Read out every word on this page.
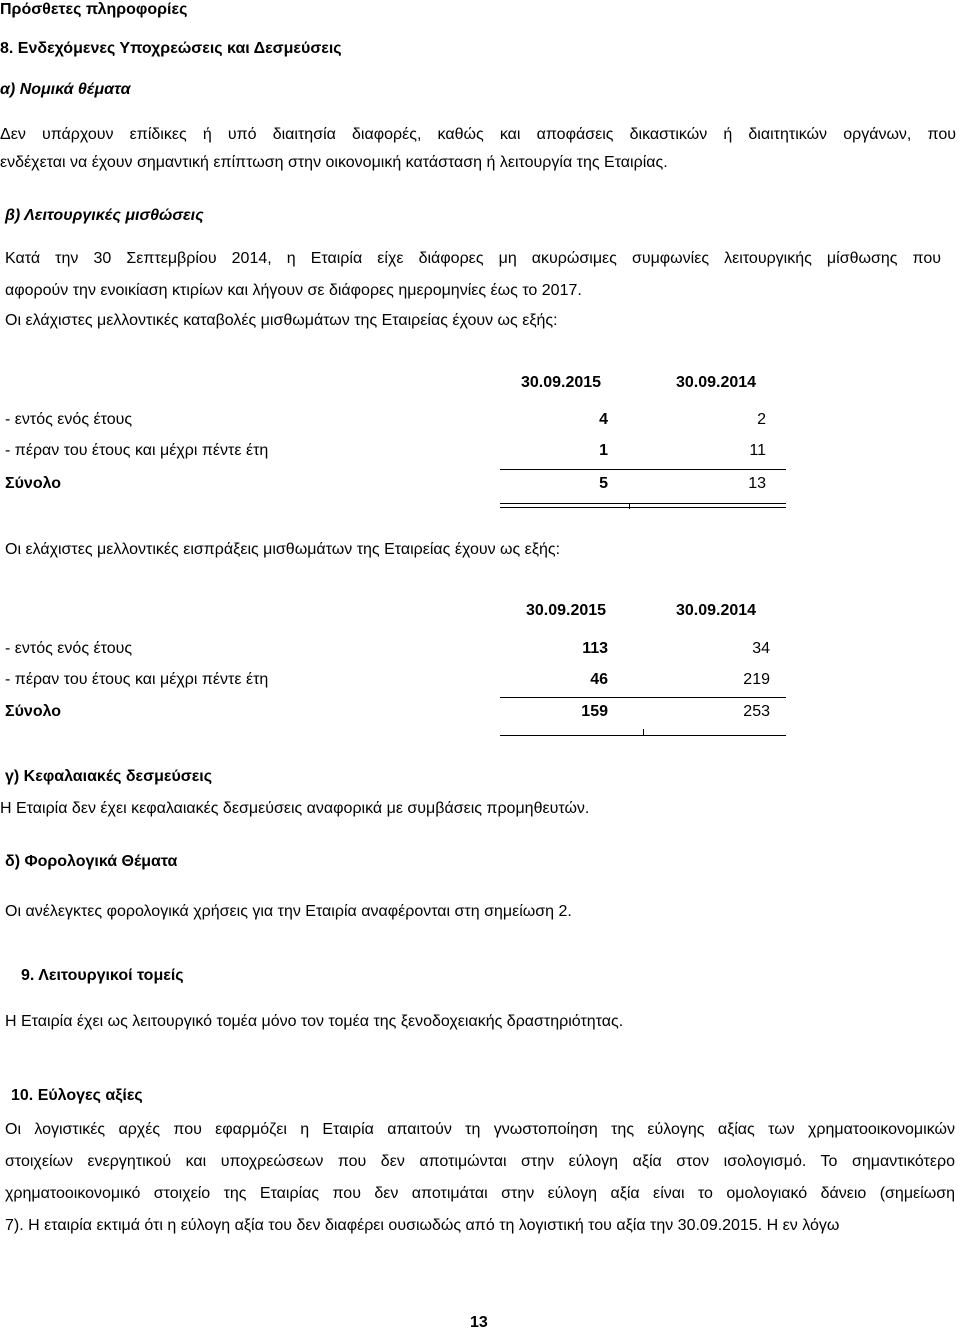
Πρόσθετες πληροφορίες
8. Ενδεχόμενες Υποχρεώσεις και Δεσμεύσεις
α) Νομικά θέματα
Δεν υπάρχουν επίδικες ή υπό διαιτησία διαφορές, καθώς και αποφάσεις δικαστικών ή διαιτητικών οργάνων, που
ενδέχεται να έχουν σημαντική επίπτωση στην οικονομική κατάσταση ή λειτουργία της Εταιρίας.
β) Λειτουργικές μισθώσεις
Κατά την 30 Σεπτεμβρίου 2014, η Εταιρία είχε διάφορες μη ακυρώσιμες συμφωνίες λειτουργικής μίσθωσης που
αφορούν την ενοικίαση κτιρίων και λήγουν σε διάφορες ημερομηνίες έως το 2017.
Οι ελάχιστες μελλοντικές καταβολές μισθωμάτων της Εταιρείας έχουν ως εξής:
30.09.2015	30.09.2014
- εντός ενός έτους	4	2
- πέραν του έτους και μέχρι πέντε έτη	1	11
Σύνολο	5	13
Οι ελάχιστες μελλοντικές εισπράξεις μισθωμάτων της Εταιρείας έχουν ως εξής:
30.09.2015	30.09.2014
- εντός ενός έτους	113	34
- πέραν του έτους και μέχρι πέντε έτη	46	219
Σύνολο	159	253
γ) Κεφαλαιακές δεσμεύσεις
Η Εταιρία δεν έχει κεφαλαιακές δεσμεύσεις αναφορικά με συμβάσεις προμηθευτών.
δ) Φορολογικά Θέματα
Οι ανέλεγκτες φορολογικά χρήσεις για την Εταιρία αναφέρονται στη σημείωση 2.
9. Λειτουργικοί τομείς
Η Εταιρία έχει ως λειτουργικό τομέα μόνο τον τομέα της ξενοδοχειακής δραστηριότητας.
10. Εύλογες αξίες
Οι λογιστικές αρχές που εφαρμόζει η Εταιρία απαιτούν τη γνωστοποίηση της εύλογης αξίας των χρηματοοικονομικών
στοιχείων ενεργητικού και υποχρεώσεων που δεν αποτιμώνται στην εύλογη αξία στον ισολογισμό. Το σημαντικότερο
χρηματοοικονομικό στοιχείο της Εταιρίας που δεν αποτιμάται στην εύλογη αξία είναι το ομολογιακό δάνειο (σημείωση
7). Η εταιρία εκτιμά ότι η εύλογη αξία του δεν διαφέρει ουσιωδώς από τη λογιστική του αξία την 30.09.2015. Η εν λόγω
13
